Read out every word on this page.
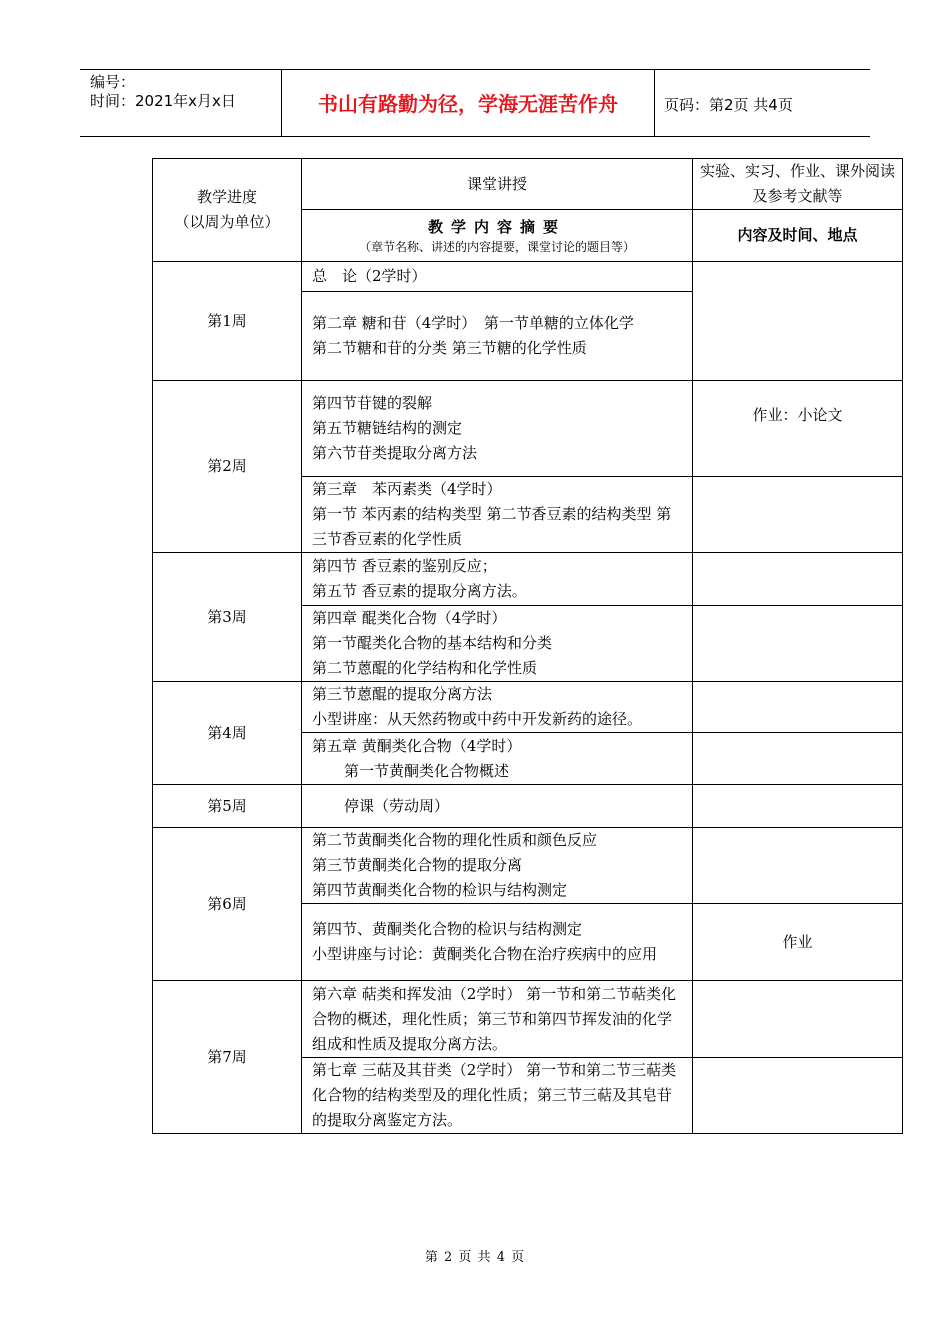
编号：
时间：2021年x月x日	书山有路勤为径，学海无涯苦作舟	页码：第2页 共4页
教学进度
（以周为单位）	课堂讲授	实验、实习、作业、课外阅读及参考文献等

	教学内容摘要
（章节名称、讲述的内容提要，课堂讨论的题目等）	内容及时间、地点
第1周	总　论（2学时）	

	第二章 糖和苷（4学时）　第一节单糖的立体化学
第二节糖和苷的分类 第三节糖的化学性质	

第2周	第四节苷键的裂解
第五节糖链结构的测定
第六节苷类提取分离方法	作业：小论文

	第三章　苯丙素类（4学时）
第一节 苯丙素的结构类型 第二节香豆素的结构类型 第三节香豆素的化学性质	

第3周	第四节 香豆素的鉴别反应；
第五节 香豆素的提取分离方法。	

	第四章 醌类化合物（4学时）
第一节醌类化合物的基本结构和分类
第二节蒽醌的化学结构和化学性质	

第4周	第三节蒽醌的提取分离方法
小型讲座：从天然药物或中药中开发新药的途径。	

	第五章 黄酮类化合物（4学时）
第一节黄酮类化合物概述	

第5周	停课（劳动周）	

第6周	第二节黄酮类化合物的理化性质和颜色反应
第三节黄酮类化合物的提取分离
第四节黄酮类化合物的检识与结构测定	

	第四节、黄酮类化合物的检识与结构测定
小型讲座与讨论：黄酮类化合物在治疗疾病中的应用	作业
第7周	第六章 萜类和挥发油（2学时） 第一节和第二节萜类化合物的概述，理化性质；第三节和第四节挥发油的化学组成和性质及提取分离方法。	

	第七章 三萜及其苷类（2学时） 第一节和第二节三萜类化合物的结构类型及的理化性质；第三节三萜及其皂苷的提取分离鉴定方法。	

第 2 页 共 4 页
